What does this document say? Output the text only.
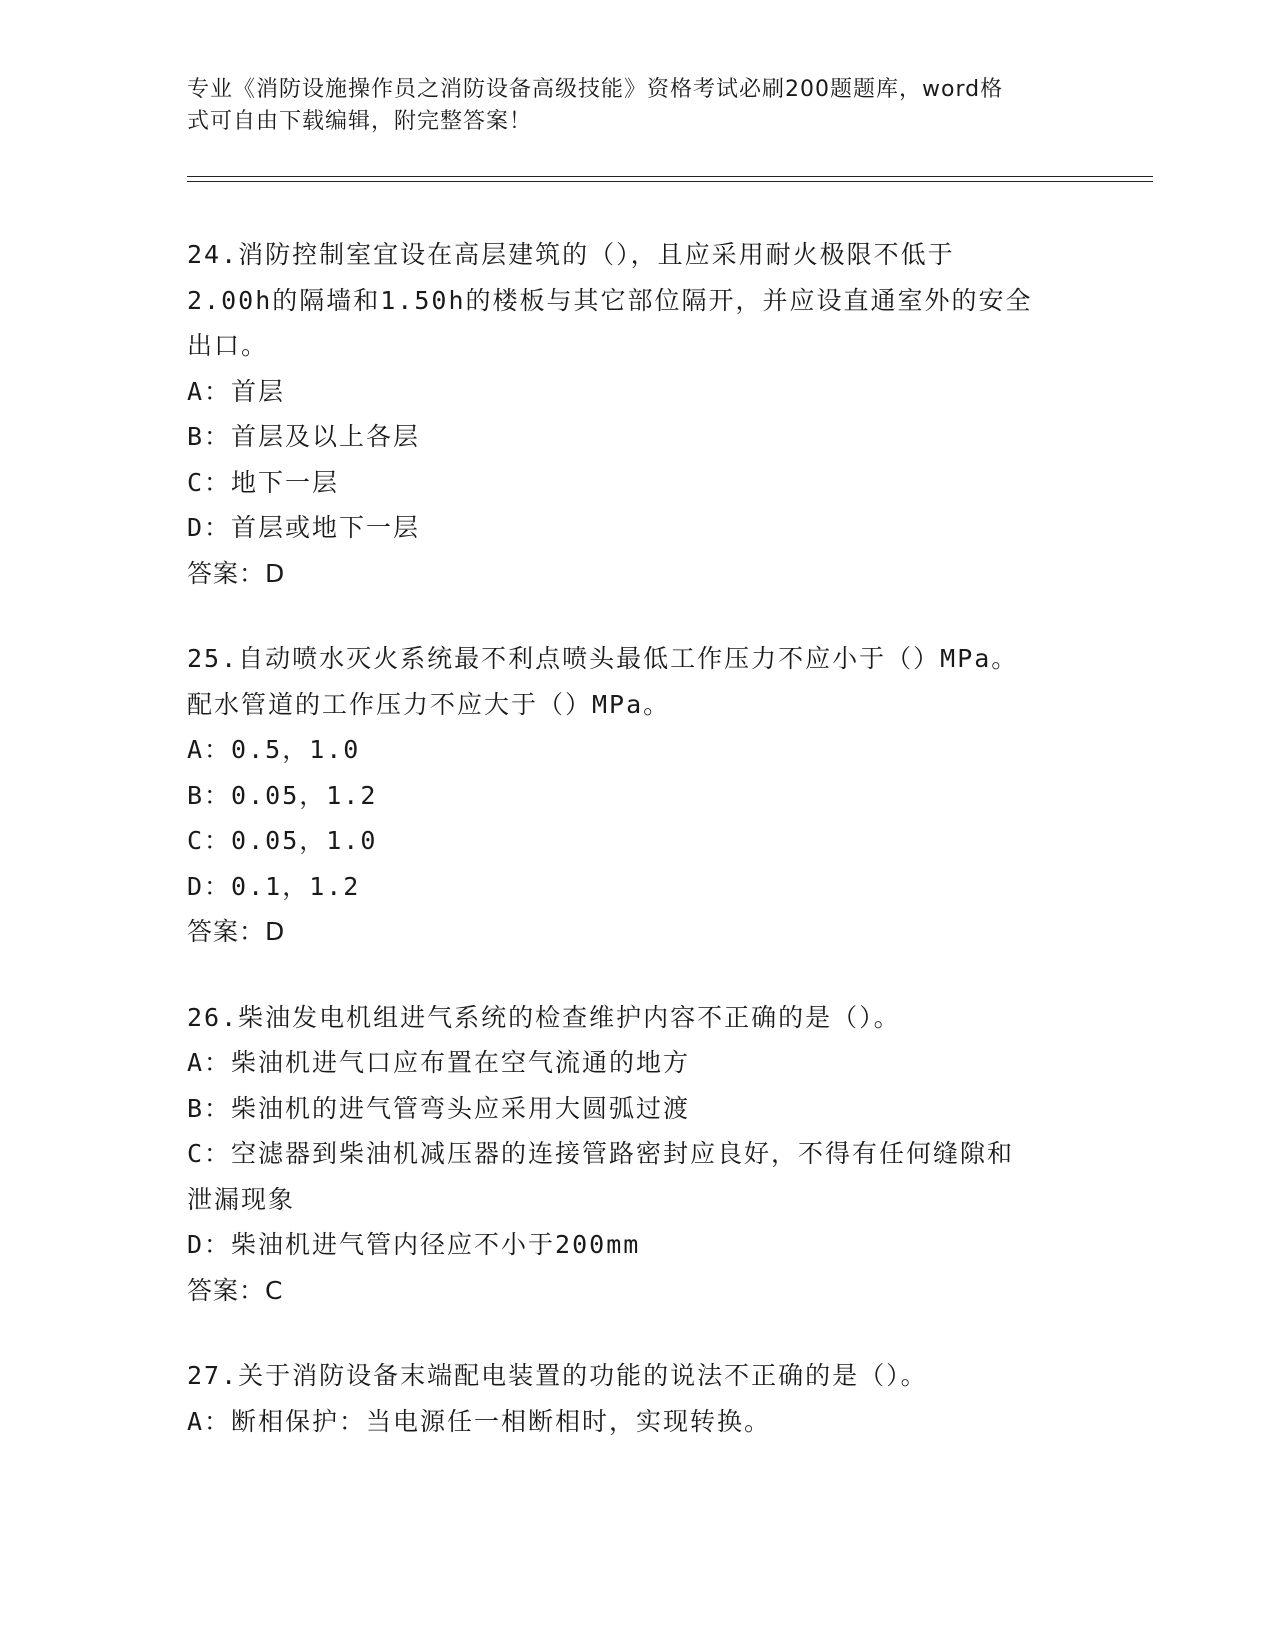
专业《消防设施操作员之消防设备高级技能》资格考试必刷200题题库，word格
式可自由下载编辑，附完整答案！

24.消防控制室宜设在高层建筑的（），且应采用耐火极限不低于

2.00h的隔墙和1.50h的楼板与其它部位隔开，并应设直通室外的安全

出口。

A：首层

B：首层及以上各层

C：地下一层

D：首层或地下一层

答案：D

25.自动喷水灭火系统最不利点喷头最低工作压力不应小于（）MPa。

配水管道的工作压力不应大于（）MPa。

A：0.5，1.0

B：0.05，1.2

C：0.05，1.0

D：0.1，1.2

答案：D

26.柴油发电机组进气系统的检查维护内容不正确的是（）。

A：柴油机进气口应布置在空气流通的地方

B：柴油机的进气管弯头应采用大圆弧过渡

C：空滤器到柴油机减压器的连接管路密封应良好，不得有任何缝隙和

泄漏现象

D：柴油机进气管内径应不小于200mm

答案：C

27.关于消防设备末端配电装置的功能的说法不正确的是（）。

A：断相保护：当电源任一相断相时，实现转换。
